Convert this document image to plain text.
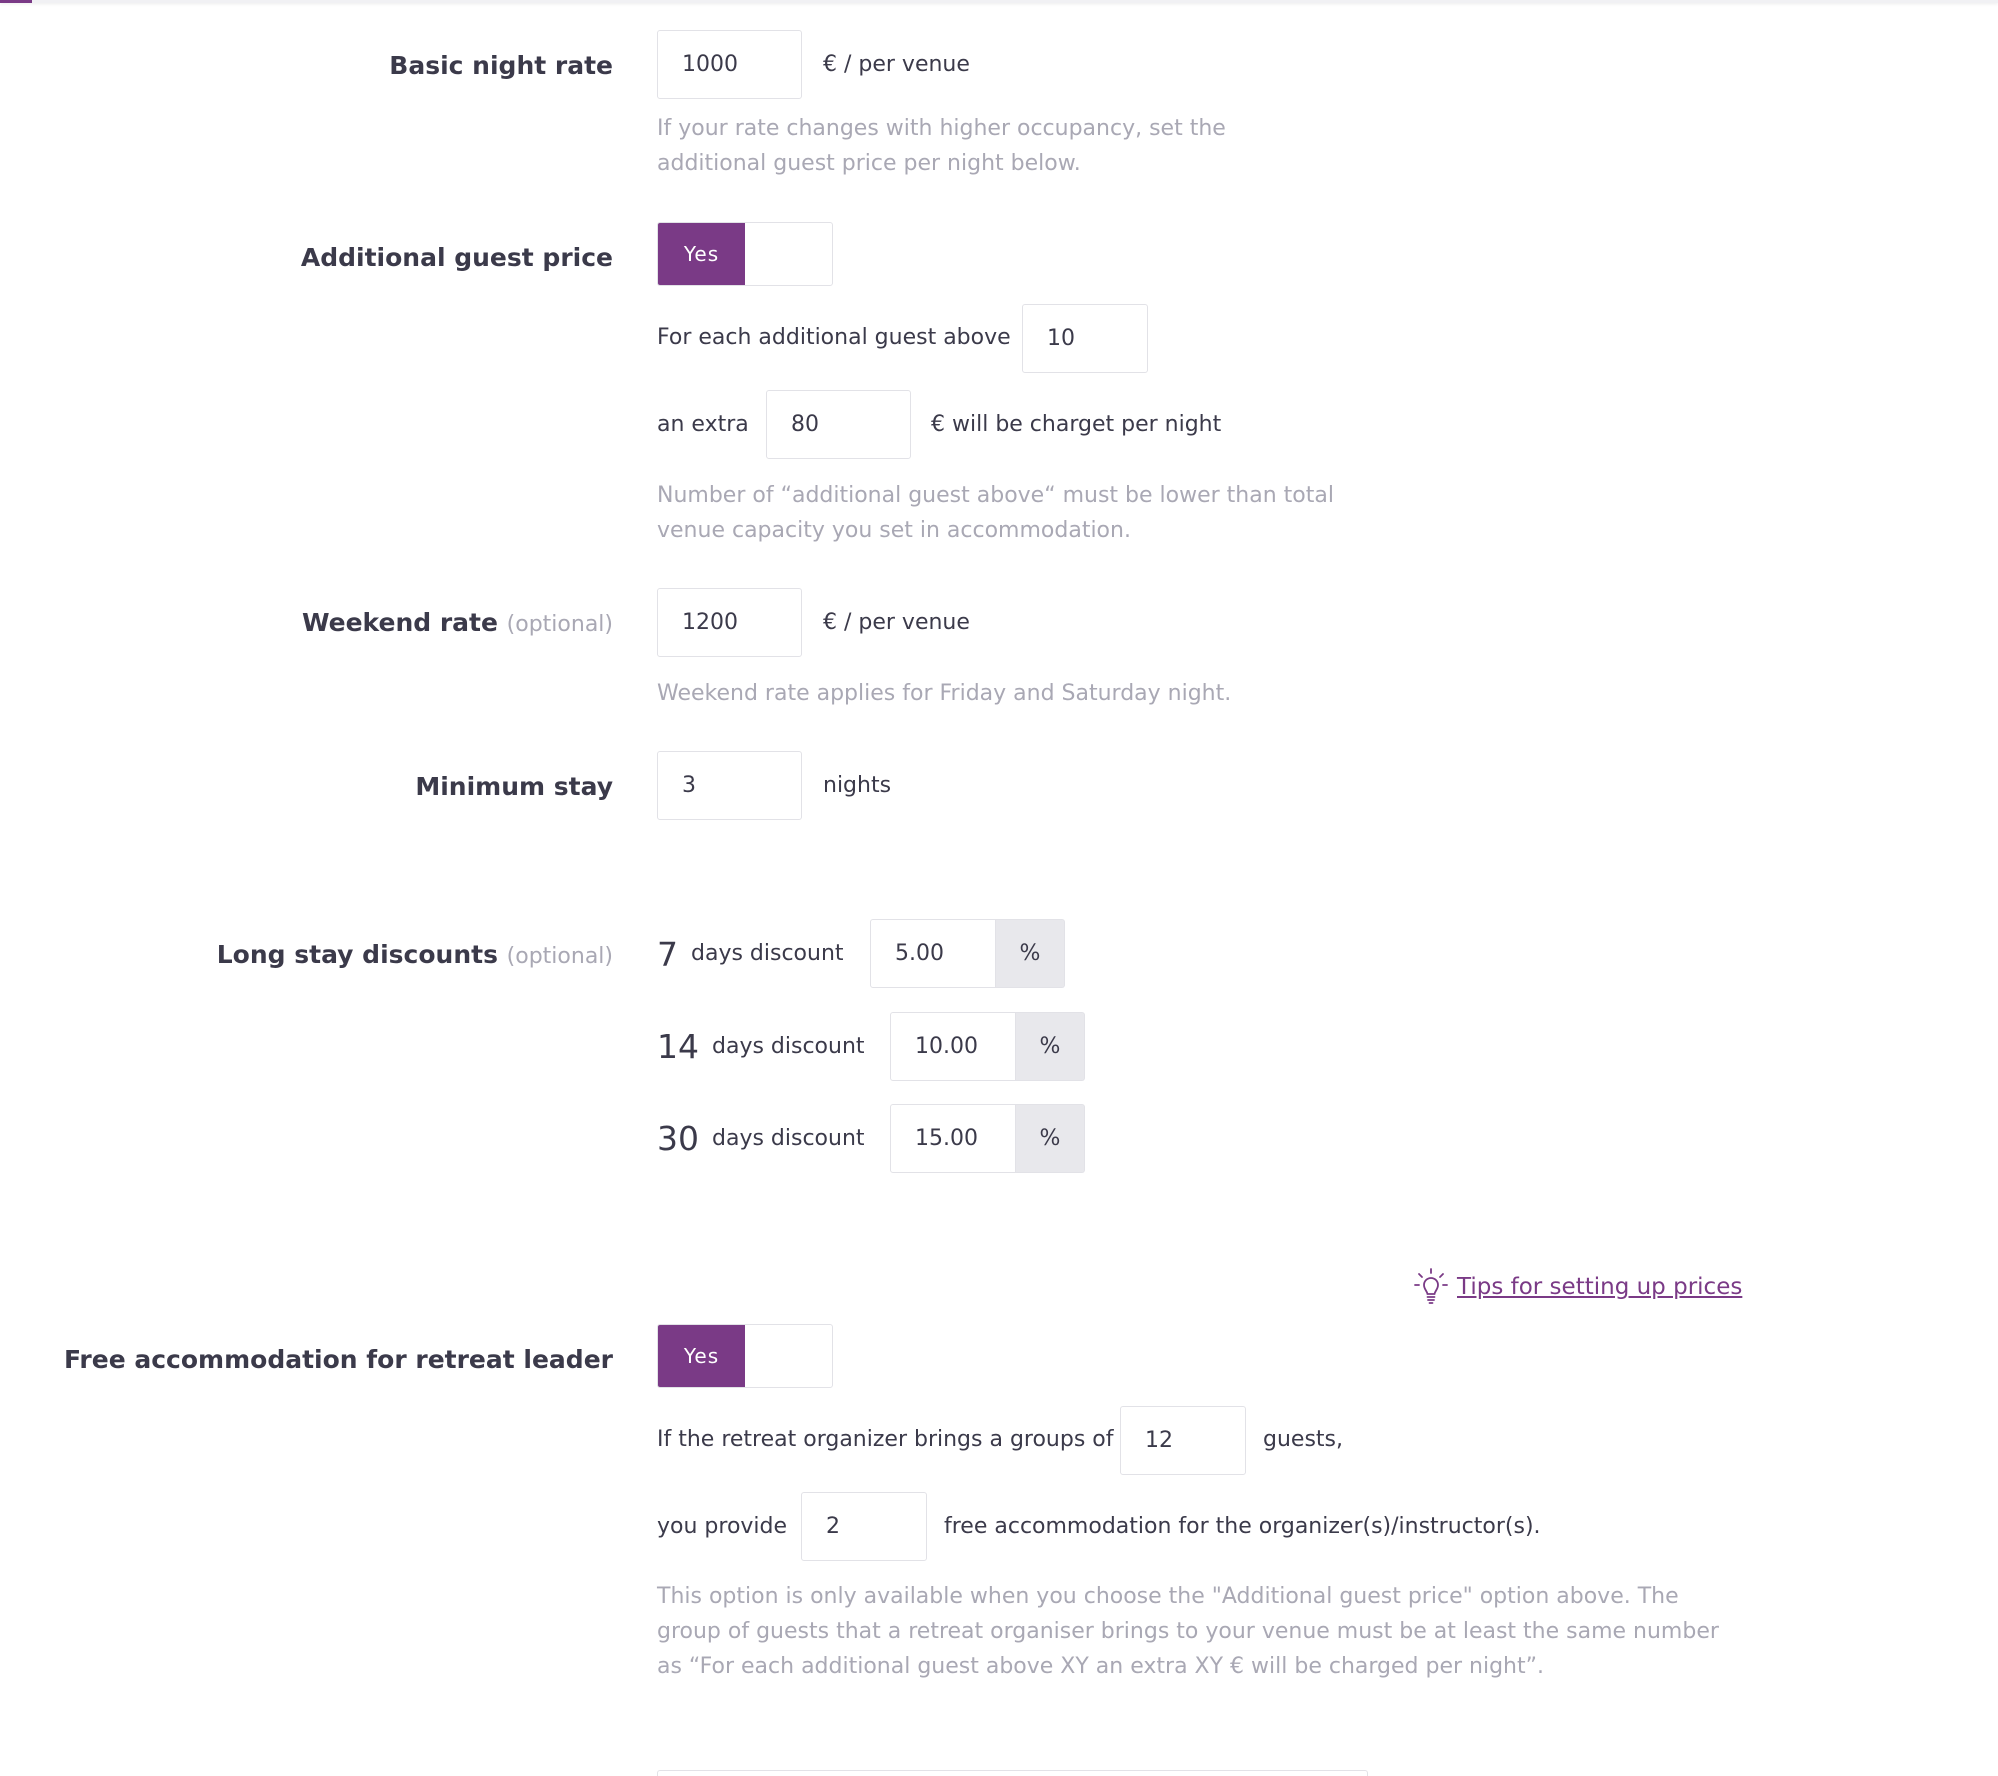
Basic night rate	1000	€ / per venue
If your rate changes with higher occupancy, set the additional guest price per night below.
Additional guest price	Yes
For each additional guest above	10
an extra	80	€ will be charget per night
Number of “additional guest above“ must be lower than total venue capacity you set in accommodation.
Weekend rate (optional)	1200	€ / per venue
Weekend rate applies for Friday and Saturday night.
Minimum stay	3	nights
Long stay discounts (optional) 7 days discount	5.00	%
14 days discount	10.00	%
30 days discount	15.00	%
Tips for setting up prices
Free accommodation for retreat leader	Yes
If the retreat organizer brings a groups of	12	guests,
you provide	2	free accommodation for the organizer(s)/instructor(s).
This option is only available when you choose the "Additional guest price" option above. The group of guests that a retreat organiser brings to your venue must be at least the same number as “For each additional guest above XY an extra XY € will be charged per night”.
